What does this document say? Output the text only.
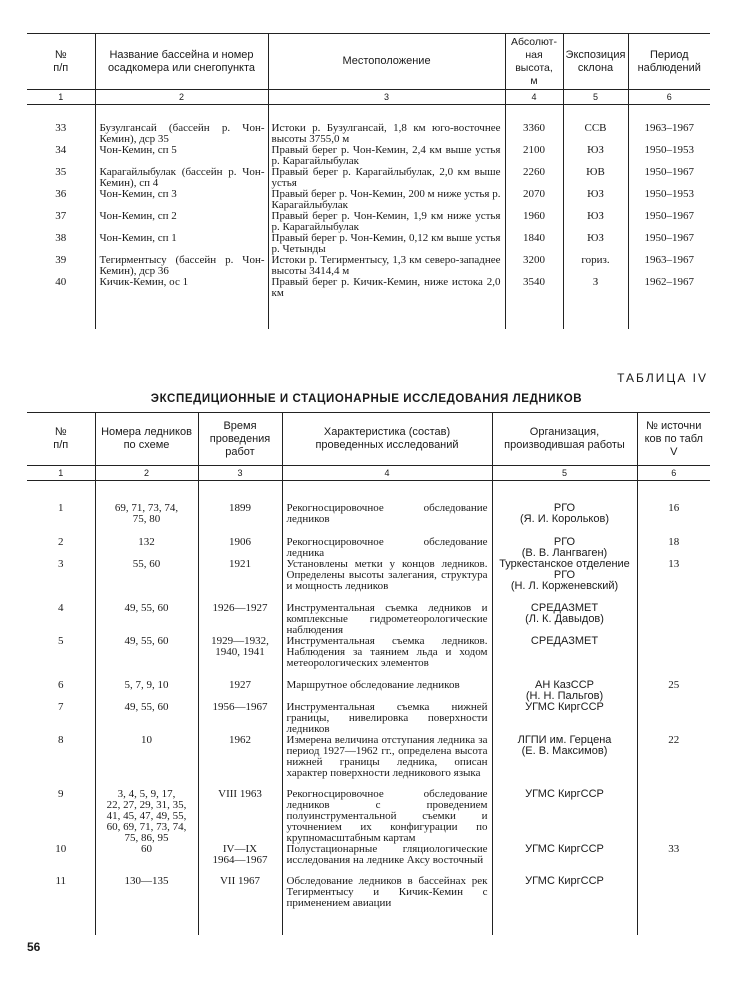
№
п/п	Название бассейна и номер
осадкомера или снегопункта	Местоположение	Абсолют-
ная
высота,
м	Экспозиция
склона	Период
наблюдений
1	2	3	4	5	6

33	Бузулгансай (бассейн р. Чон-Кемин), дср 35	Истоки р. Бузулгансай, 1,8 км юго-восточнее высоты 3755,0 м	3360	ССВ	1963–1967
34	Чон-Кемин, сп 5	Правый берег р. Чон-Кемин, 2,4 км выше устья р. Карагайлыбулак	2100	ЮЗ	1950–1953
35	Карагайлыбулак (бассейн р. Чон-Кемин), сп 4	Правый берег р. Карагайлыбулак, 2,0 км выше устья	2260	ЮВ	1950–1967
36	Чон-Кемин, сп 3	Правый берег р. Чон-Кемин, 200 м ниже устья р. Карагайлыбулак	2070	ЮЗ	1950–1953
37	Чон-Кемин, сп 2	Правый берег р. Чон-Кемин, 1,9 км ниже устья р. Карагайлыбулак	1960	ЮЗ	1950–1967
38	Чон-Кемин, сп 1	Правый берег р. Чон-Кемин, 0,12 км выше устья р. Четынды	1840	ЮЗ	1950–1967
39	Тегирментысу (бассейн р. Чон-Кемин), дср 36	Истоки р. Тегирментысу, 1,3 км северо-западнее высоты 3414,4 м	3200	гориз.	1963–1967
40	Кичик-Кемин, ос 1	Правый берег р. Кичик-Кемин, ниже истока 2,0 км	3540	З	1962–1967

ТАБЛИЦА IV
ЭКСПЕДИЦИОННЫЕ И СТАЦИОНАРНЫЕ ИССЛЕДОВАНИЯ ЛЕДНИКОВ
№
п/п	Номера ледников
по схеме	Время
проведения
работ	Характеристика (состав)
проведенных исследований	Организация,
производившая работы	№ источни
ков по табл
V
1	2	3	4	5	6

1	69, 71, 73, 74,
75, 80	1899	Рекогносцировочное обследование ледников	РГО
(Я. И. Корольков)	16
2	132	1906	Рекогносцировочное обследование ледника	РГО
(В. В. Лангваген)	18
3	55, 60	1921	Установлены метки у концов ледников. Определены высоты залегания, структура и мощность ледников	Туркестанское отделение
РГО
(Н. Л. Корженевский)	13
4	49, 55, 60	1926—1927	Инструментальная съемка ледников и комплексные гидрометеорологические наблюдения	СРЕДАЗМЕТ
(Л. К. Давыдов)	
5	49, 55, 60	1929—1932,
1940, 1941	Инструментальная съемка ледников. Наблюдения за таянием льда и ходом метеорологических элементов	СРЕДАЗМЕТ	
6	5, 7, 9, 10	1927	Маршрутное обследование ледников	АН КазССР
(Н. Н. Пальгов)	25
7	49, 55, 60	1956—1967	Инструментальная съемка нижней границы, нивелировка поверхности ледников	УГМС КиргССР	
8	10	1962	Измерена величина отступания ледника за период 1927—1962 гг., определена высота нижней границы ледника, описан характер поверхности ледникового языка	ЛГПИ им. Герцена
(Е. В. Максимов)	22
9	3, 4, 5, 9, 17,
22, 27, 29, 31, 35,
41, 45, 47, 49, 55,
60, 69, 71, 73, 74,
75, 86, 95	VIII 1963	Рекогносцировочное обследование ледников с проведением полуинструментальной съемки и уточнением их конфигурации по крупномасштабным картам	УГМС КиргССР	
10	60	IV—IX
1964—1967	Полустационарные гляциологические исследования на леднике Аксу восточный	УГМС КиргССР	33
11	130—135	VII 1967	Обследование ледников в бассейнах рек Тегирментысу и Кичик-Кемин с применением авиации	УГМС КиргССР	

56
